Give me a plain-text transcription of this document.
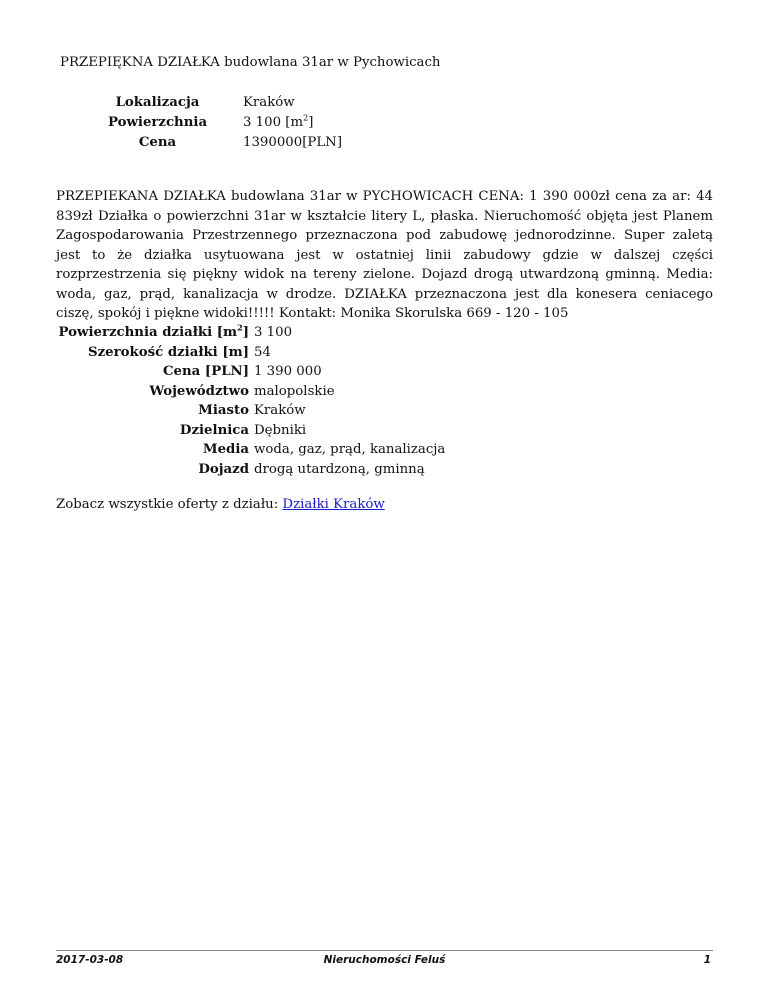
PRZEPIĘKNA DZIAŁKA budowlana 31ar w Pychowicach
Lokalizacja	Kraków
Powierzchnia	3 100 $[m^2]$
Cena	1390000[PLN]

PRZEPIEKANA DZIAŁKA budowlana 31ar w PYCHOWICACH CENA: 1 390 000zł cena za ar: 44 839zł Działka o powierzchni 31ar w kształcie litery L, płaska. Nieruchomość objęta jest Planem Zagospodarowania Przestrzennego przeznaczona pod zabudowę jednorodzinne. Super zaletą jest to że działka usytuowana jest w ostatniej linii zabudowy gdzie w dalszej części rozprzestrzenia się piękny widok na tereny zielone. Dojazd drogą utwardzoną gminną. Media: woda, gaz, prąd, kanalizacja w drodze. DZIAŁKA przeznaczona jest dla konesera ceniacego ciszę, spokój i piękne widoki!!!!! Kontakt: Monika Skorulska 669 - 120 - 105

Powierzchnia działki $[m^2]$	3 100
Szerokość działki [m]	54
Cena [PLN]	1 390 000
Województwo	malopolskie
Miasto	Kraków
Dzielnica	Dębniki
Media	woda, gaz, prąd, kanalizacja
Dojazd	drogą utardzoną, gminną
Zobacz wszystkie oferty z działu: Działki Kraków
2017-03-08	Nieruchomości Feluś	1
